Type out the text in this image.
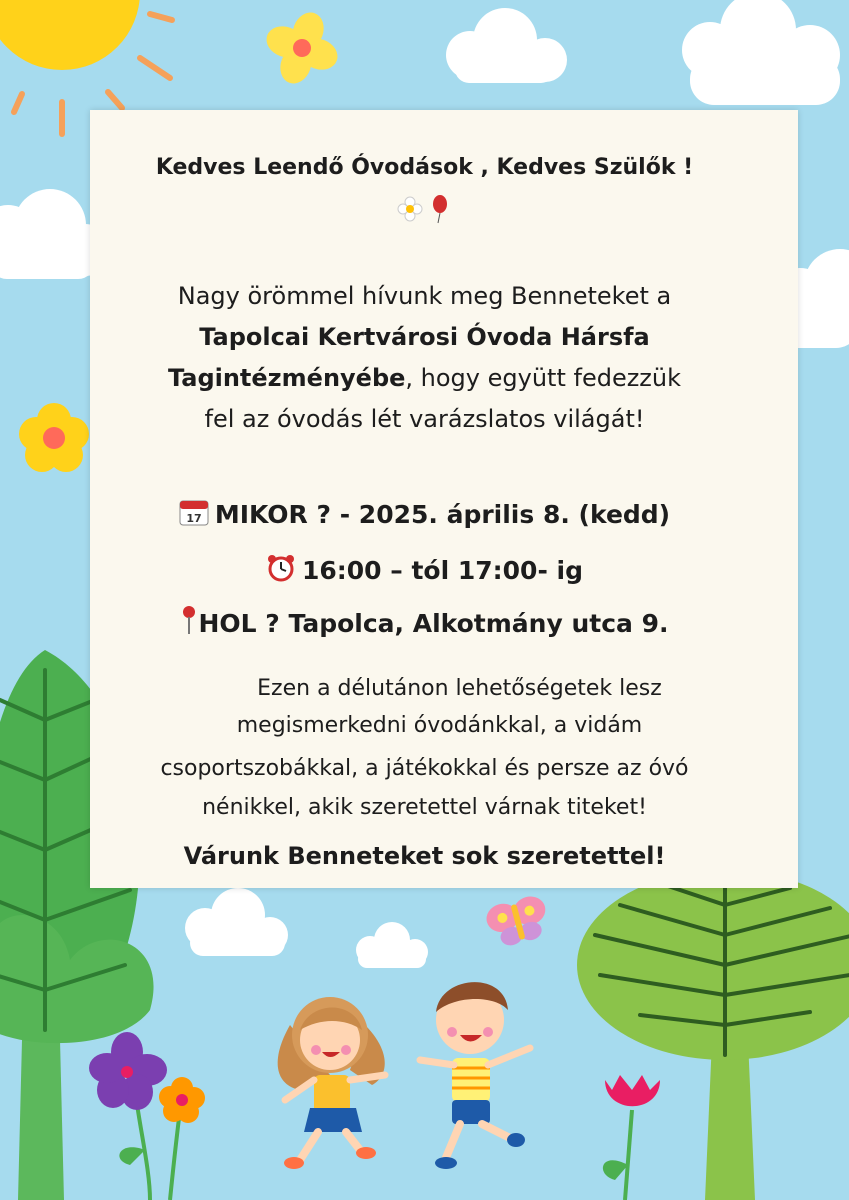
Kedves Leendő Óvodások , Kedves Szülők !
Nagy örömmel hívunk meg Benneteket a
Tapolcai Kertvárosi Óvoda Hársfa
Tagintézményébe, hogy együtt fedezzük
fel az óvodás lét varázslatos világát!
17 MIKOR ? - 2025. április 8. (kedd)
16:00 – tól 17:00- ig
HOL ? Tapolca, Alkotmány utca 9.
Ezen a délutánon lehetőségetek lesz
megismerkedni óvodánkkal, a vidám
csoportszobákkal, a játékokkal és persze az óvó
nénikkel, akik szeretettel várnak titeket!
Várunk Benneteket sok szeretettel!
